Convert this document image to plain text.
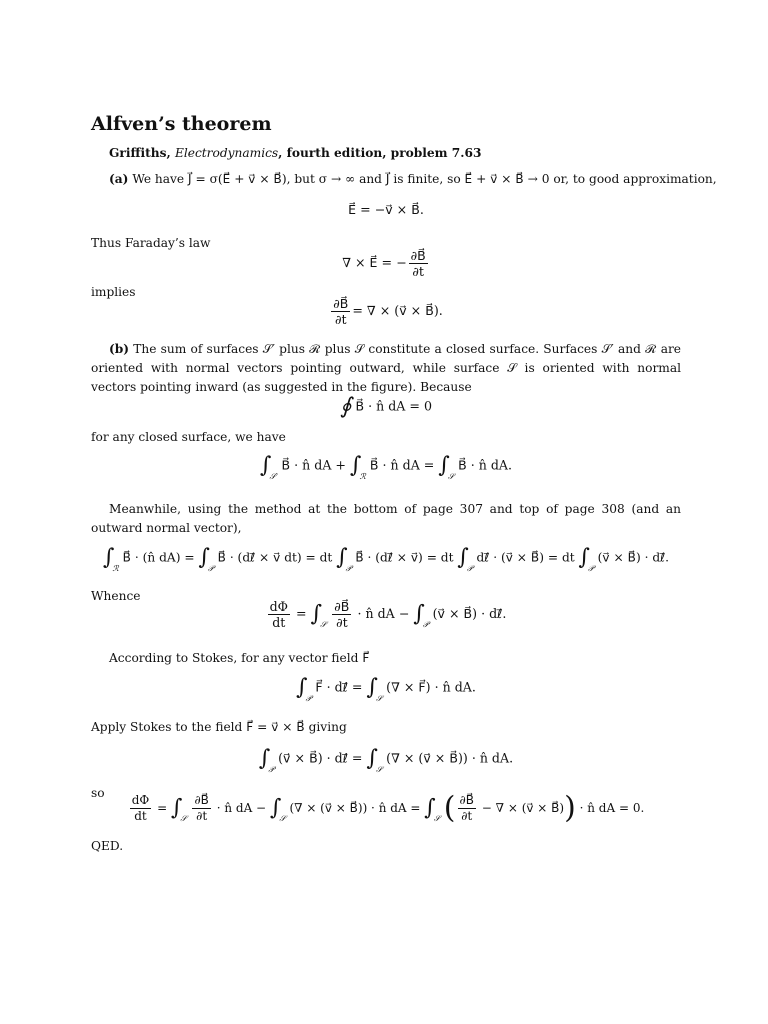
Alfven’s theorem
Griffiths, Electrodynamics, fourth edition, problem 7.63
(a) We have J⃗ = σ(E⃗ + v⃗ × B⃗), but σ → ∞ and J⃗ is finite, so E⃗ + v⃗ × B⃗ → 0 or, to good approximation,
E⃗ = −v⃗ × B⃗.
Thus Faraday’s law
∇ × E⃗ = − $\frac{\partial B⃗}{\partial t}$
implies
$\frac{\partial B⃗}{\partial t}$ = ∇ × (v⃗ × B⃗).
(b) The sum of surfaces 𝒮′ plus ℛ plus 𝒮 constitute a closed surface. Surfaces 𝒮′ and ℛ are oriented with normal vectors pointing outward, while surface 𝒮 is oriented with normal vectors pointing inward (as suggested in the figure). Because
∮ B⃗ · n̂ dA = 0
for any closed surface, we have
$\int_{𝒮'}$ B⃗ · n̂ dA + $\int_ℛ$ B⃗ · n̂ dA = $\int_𝒮$ B⃗ · n̂ dA.
Meanwhile, using the method at the bottom of page 307 and top of page 308 (and an outward normal vector),
$\int_ℛ$ B⃗ · (n̂ $dA) = \int_𝒫$ B⃗ · (dℓ⃗ × v⃗ dt) = dt $\int_𝒫$ B⃗ · (dℓ⃗ × v⃗) = dt $\int_𝒫$ dℓ⃗ · (v⃗ × B⃗) = dt $\int_𝒫$ (v⃗ × B⃗) · dℓ⃗.
Whence
$\frac{d\Phi}{dt} = \int_𝒮 \frac{\partial B⃗}{\partial t}$ · n̂ dA − $\int_𝒫$ (v⃗ × B⃗) · dℓ⃗.
According to Stokes, for any vector field F⃗
$\int_𝒫$ F⃗ · dℓ⃗ = $\int_𝒮$ (∇ × F⃗) · n̂ dA.
Apply Stokes to the field F⃗ = v⃗ × B⃗ giving
$\int_𝒫$ (v⃗ × B⃗) · dℓ⃗ = $\int_𝒮$ (∇ × (v⃗ × B⃗)) · n̂ dA.
so $\frac{d\Phi}{dt} = \int_𝒮 \frac{\partial B⃗}{\partial t}$ · n̂ dA − $\int_𝒮$ (∇ × (v⃗ × B⃗)) · n̂ dA = $\int_𝒮$ ( $\frac{\partial B⃗}{\partial t}$ − ∇ × (v⃗ × B⃗)) · n̂ dA = 0.
QED.
